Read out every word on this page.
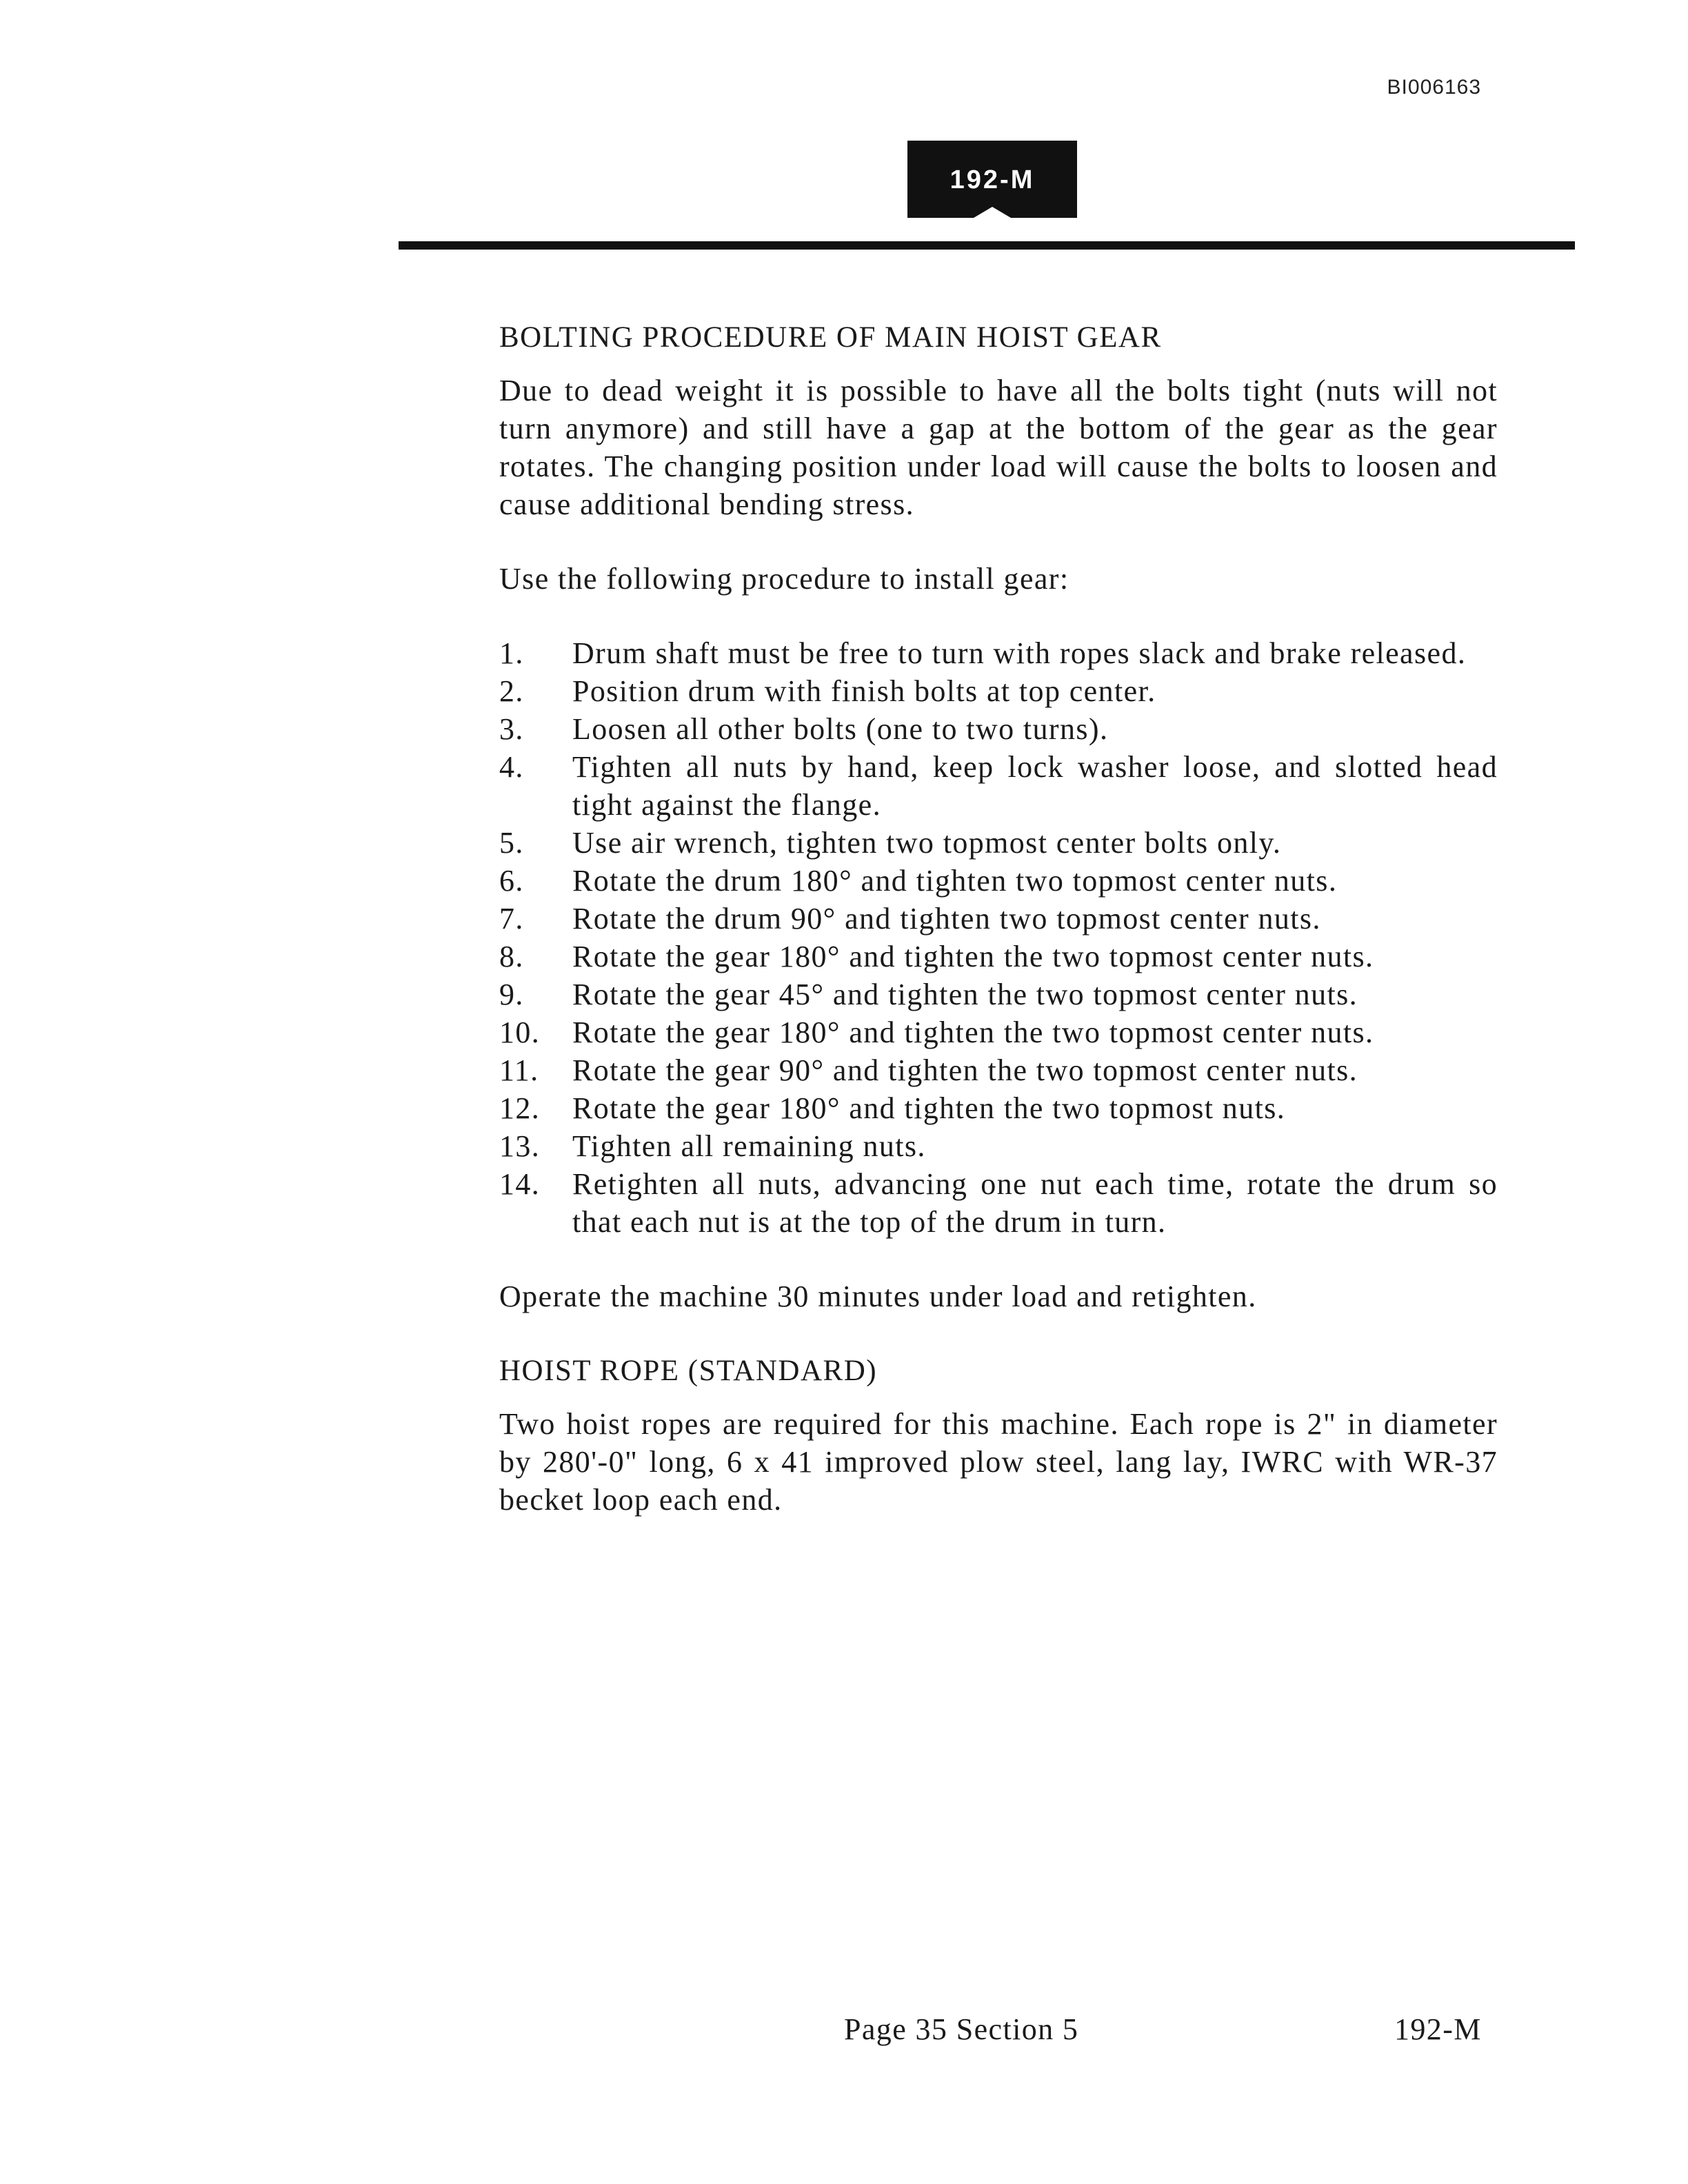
BI006163
192-M

BOLTING PROCEDURE OF MAIN HOIST GEAR

Due to dead weight it is possible to have all the bolts tight (nuts will not turn anymore) and still have a gap at the bottom of the gear as the gear rotates. The changing position under load will cause the bolts to loosen and cause additional bending stress.

Use the following procedure to install gear:

1.	Drum shaft must be free to turn with ropes slack and brake released.
2.	Position drum with finish bolts at top center.
3.	Loosen all other bolts (one to two turns).
4.	Tighten all nuts by hand, keep lock washer loose, and slotted head tight against the flange.
5.	Use air wrench, tighten two topmost center bolts only.
6.	Rotate the drum 180° and tighten two topmost center nuts.
7.	Rotate the drum 90° and tighten two topmost center nuts.
8.	Rotate the gear 180° and tighten the two topmost center nuts.
9.	Rotate the gear 45° and tighten the two topmost center nuts.
10.	Rotate the gear 180° and tighten the two topmost center nuts.
11.	Rotate the gear 90° and tighten the two topmost center nuts.
12.	Rotate the gear 180° and tighten the two topmost nuts.
13.	Tighten all remaining nuts.
14.	Retighten all nuts, advancing one nut each time, rotate the drum so that each nut is at the top of the drum in turn.

Operate the machine 30 minutes under load and retighten.

HOIST ROPE (STANDARD)

Two hoist ropes are required for this machine. Each rope is 2" in diameter by 280'-0" long, 6 x 41 improved plow steel, lang lay, IWRC with WR-37 becket loop each end.

Page 35 Section 5	192-M
